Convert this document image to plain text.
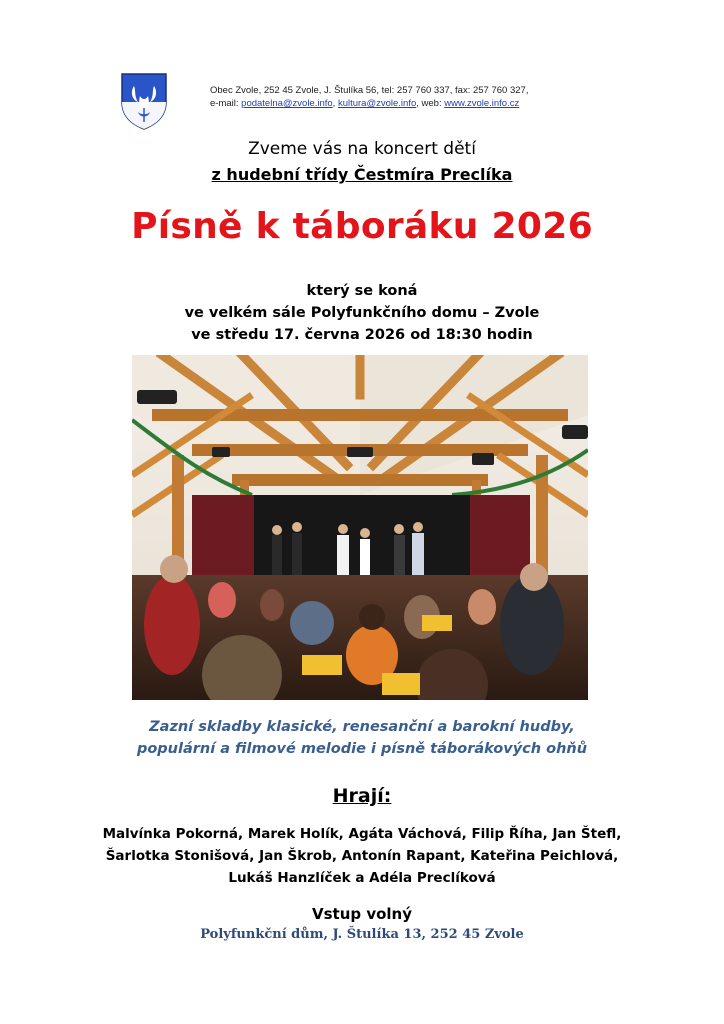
Obec Zvole, 252 45 Zvole, J. Štulíka 56, tel: 257 760 337, fax: 257 760 327,
e-mail: podatelna@zvole.info, kultura@zvole.info, web: www.zvole.info.cz
Zveme vás na koncert dětí
z hudební třídy Čestmíra Preclíka
Písně k táboráku 2026
který se koná
ve velkém sále Polyfunkčního domu – Zvole
ve středu 17. června 2026 od 18:30 hodin
Zazní skladby klasické, renesanční a barokní hudby,
populární a filmové melodie i písně táborákových ohňů
Hrají:
Malvínka Pokorná, Marek Holík, Agáta Váchová, Filip Říha, Jan Štefl,
Šarlotka Stonišová, Jan Škrob, Antonín Rapant, Kateřina Peichlová,
Lukáš Hanzlíček a Adéla Preclíková
Vstup volný
Polyfunkční dům, J. Štulíka 13, 252 45 Zvole
